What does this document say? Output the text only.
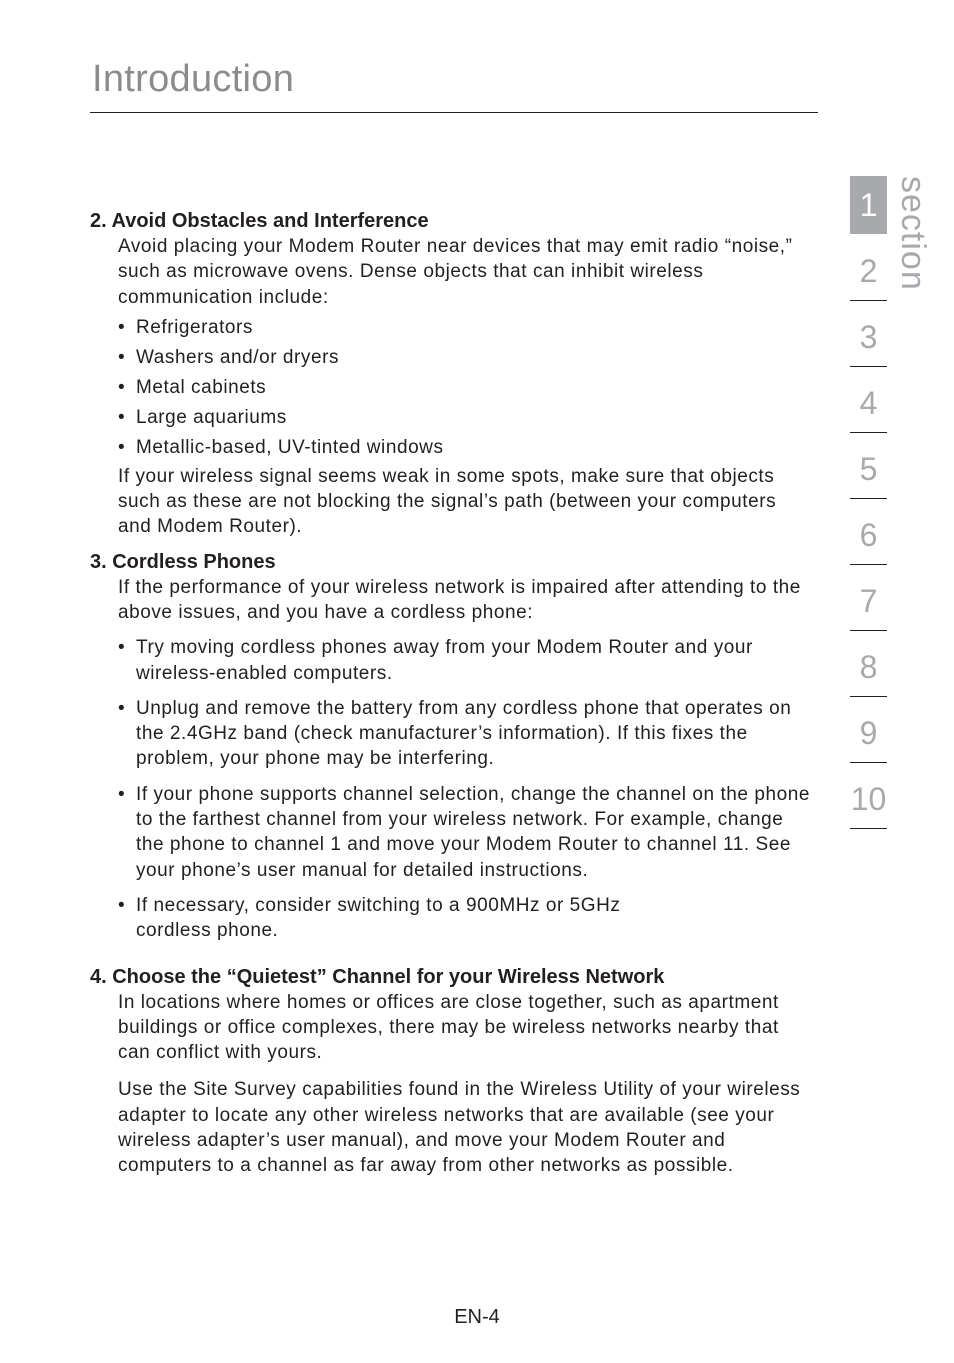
Introduction

2. Avoid Obstacles and Interference

Avoid placing your Modem Router near devices that may emit radio “noise,” such as microwave ovens. Dense objects that can inhibit wireless communication include:

• Refrigerators
• Washers and/or dryers
• Metal cabinets
• Large aquariums
• Metallic-based, UV-tinted windows

If your wireless signal seems weak in some spots, make sure that objects such as these are not blocking the signal’s path (between your computers and Modem Router).

3. Cordless Phones

If the performance of your wireless network is impaired after attending to the above issues, and you have a cordless phone:

• Try moving cordless phones away from your Modem Router and your wireless-enabled computers.
• Unplug and remove the battery from any cordless phone that operates on the 2.4GHz band (check manufacturer’s information). If this fixes the problem, your phone may be interfering.
• If your phone supports channel selection, change the channel on the phone to the farthest channel from your wireless network. For example, change the phone to channel 1 and move your Modem Router to channel 11. See your phone’s user manual for detailed instructions.
• If necessary, consider switching to a 900MHz or 5GHz cordless phone.

4. Choose the “Quietest” Channel for your Wireless Network

In locations where homes or offices are close together, such as apartment buildings or office complexes, there may be wireless networks nearby that can conflict with yours.

Use the Site Survey capabilities found in the Wireless Utility of your wireless adapter to locate any other wireless networks that are available (see your wireless adapter’s user manual), and move your Modem Router and computers to a channel as far away from other networks as possible.

1
2
3
4
5
6
7
8
9
10
section
EN-4
